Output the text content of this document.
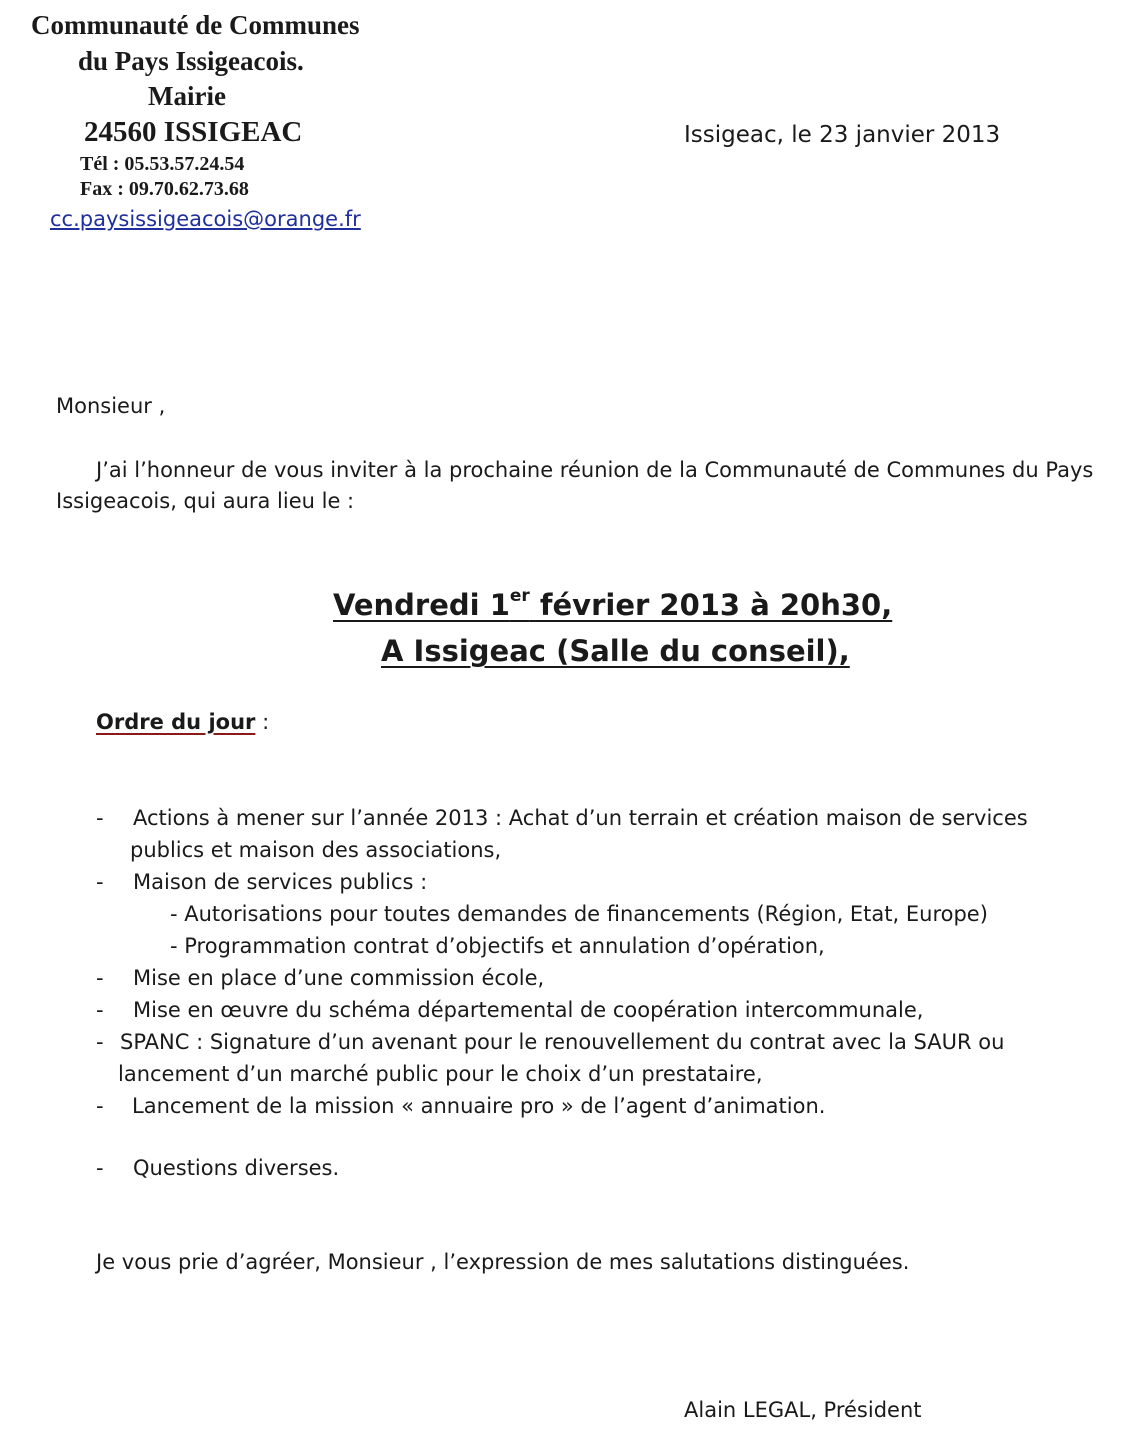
Communauté de Communes
du Pays Issigeacois.
Mairie
24560 ISSIGEAC
Tél : 05.53.57.24.54
Fax : 09.70.62.73.68
cc.paysissigeacois@orange.fr
Issigeac, le 23 janvier 2013
Monsieur ,
J’ai l’honneur de vous inviter à la prochaine réunion de la Communauté de Communes du Pays
Issigeacois, qui aura lieu le :
Vendredi 1er février 2013 à 20h30,
A Issigeac (Salle du conseil),
Ordre du jour :
- Actions à mener sur l’année 2013 : Achat d’un terrain et création maison de services
publics et maison des associations,
- Maison de services publics :
- Autorisations pour toutes demandes de financements (Région, Etat, Europe)
- Programmation contrat d’objectifs et annulation d’opération,
- Mise en place d’une commission école,
- Mise en œuvre du schéma départemental de coopération intercommunale,
- SPANC : Signature d’un avenant pour le renouvellement du contrat avec la SAUR ou
lancement d’un marché public pour le choix d’un prestataire,
- Lancement de la mission « annuaire pro » de l’agent d’animation.
- Questions diverses.
Je vous prie d’agréer, Monsieur , l’expression de mes salutations distinguées.
Alain LEGAL, Président
